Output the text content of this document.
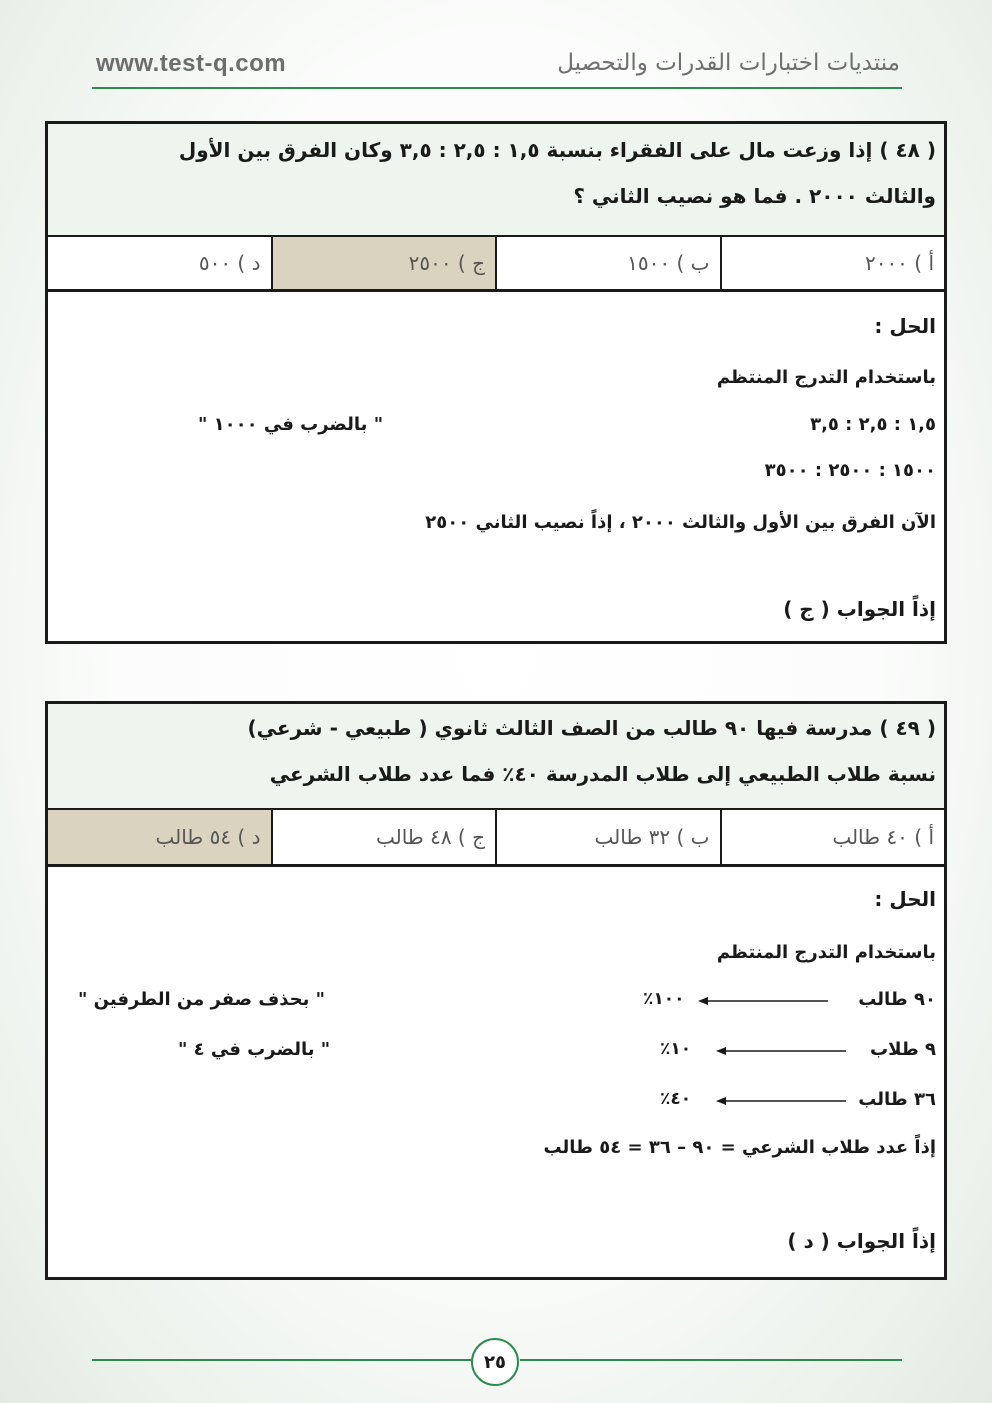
www.test-q.com	منتديات اختبارات القدرات والتحصيل
( ٤٨ ) إذا وزعت مال على الفقراء بنسبة ١,٥ : ٢,٥ : ٣,٥ وكان الفرق بين الأول
والثالث ٢٠٠٠ . فما هو نصيب الثاني ؟
أ ) ٢٠٠٠
ب ) ١٥٠٠
ج ) ٢٥٠٠
د ) ٥٠٠
الحل :
باستخدام التدرج المنتظم
١,٥ : ٢,٥ : ٣,٥
" بالضرب في ١٠٠٠ "
١٥٠٠ : ٢٥٠٠ : ٣٥٠٠
الآن الفرق بين الأول والثالث ٢٠٠٠ ، إذاً نصيب الثاني ٢٥٠٠
إذاً الجواب ( ج )
( ٤٩ ) مدرسة فيها ٩٠ طالب من الصف الثالث ثانوي ( طبيعي - شرعي)
نسبة طلاب الطبيعي إلى طلاب المدرسة ٤٠٪ فما عدد طلاب الشرعي
أ ) ٤٠ طالب
ب ) ٣٢ طالب
ج ) ٤٨ طالب
د ) ٥٤ طالب
الحل :
باستخدام التدرج المنتظم
٩٠ طالب
١٠٠٪
" بحذف صفر من الطرفين "
٩ طلاب
١٠٪
" بالضرب في ٤ "
٣٦ طالب
٤٠٪
إذاً عدد طلاب الشرعي = ٩٠ – ٣٦ = ٥٤ طالب
إذاً الجواب ( د )
٢٥
